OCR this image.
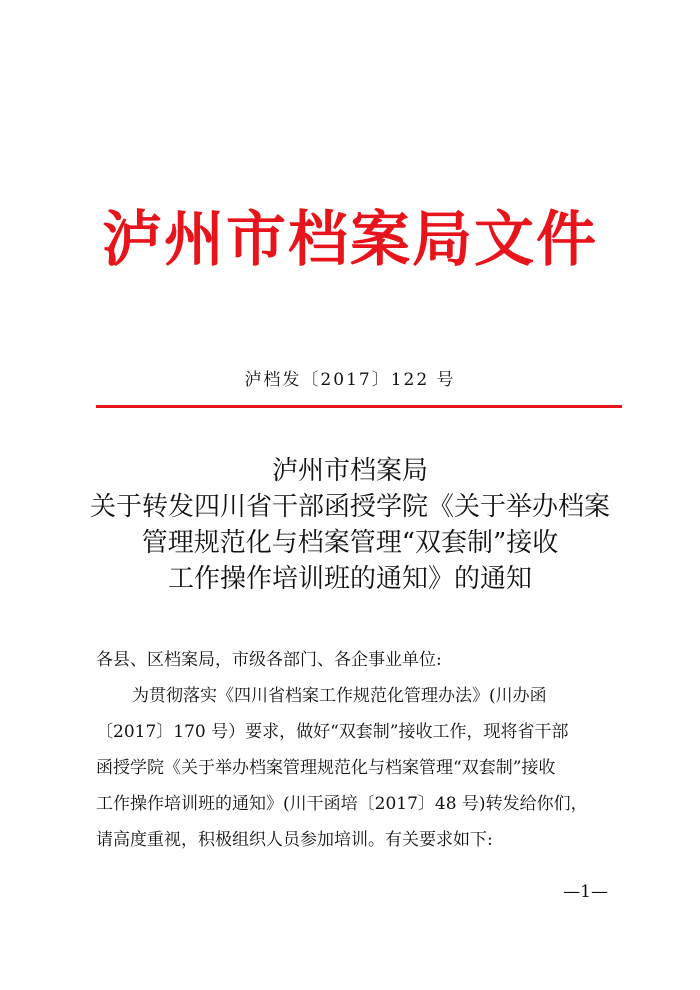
泸州市档案局文件
泸档发〔2017〕122 号
泸州市档案局
关于转发四川省干部函授学院《关于举办档案
管理规范化与档案管理“双套制”接收
工作操作培训班的通知》的通知
各县、区档案局，市级各部门、各企事业单位:
为贯彻落实《四川省档案工作规范化管理办法》(川办函
〔2017〕170 号）要求，做好“双套制”接收工作，现将省干部
函授学院《关于举办档案管理规范化与档案管理“双套制”接收
工作操作培训班的通知》(川干函培〔2017〕48 号)转发给你们，
请高度重视，积极组织人员参加培训。有关要求如下:
—1—
